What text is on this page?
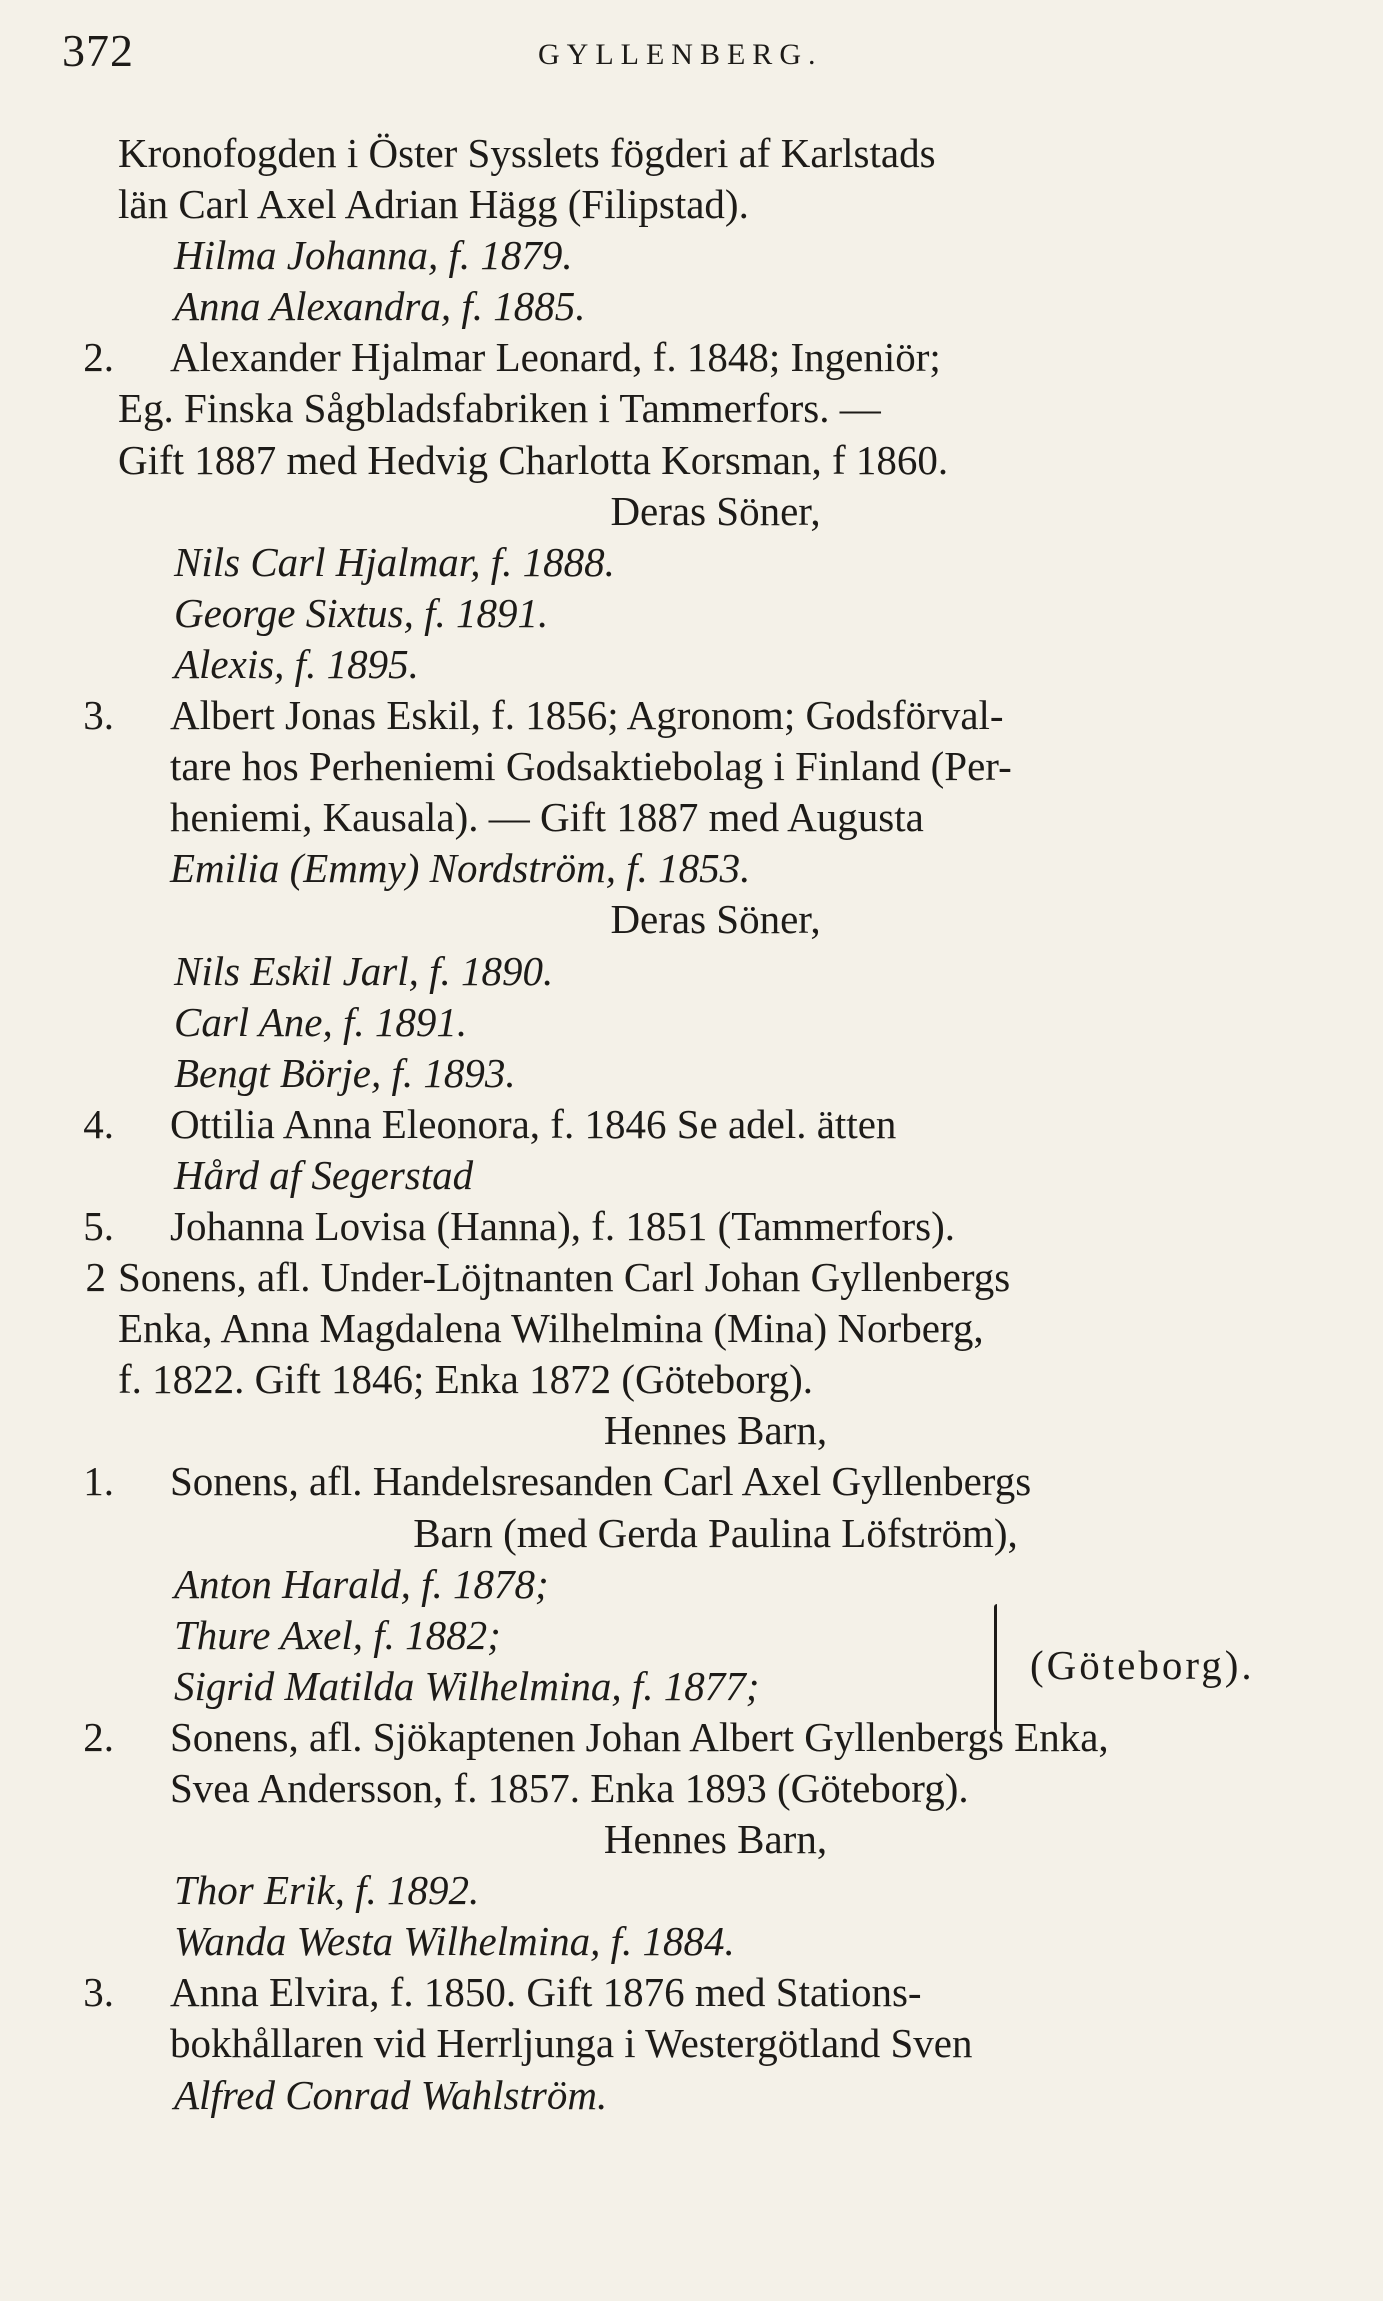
372	GYLLENBERG.
Kronofogden i Öster Sysslets fögderi af Karlstads
län Carl Axel Adrian Hägg (Filipstad).
Hilma Johanna, f. 1879.
Anna Alexandra, f. 1885.
2. Alexander Hjalmar Leonard, f. 1848; Ingeniör;
Eg. Finska Sågbladsfabriken i Tammerfors. —
Gift 1887 med Hedvig Charlotta Korsman, f 1860.
Deras Söner,
Nils Carl Hjalmar, f. 1888.
George Sixtus, f. 1891.
Alexis, f. 1895.
3. Albert Jonas Eskil, f. 1856; Agronom; Godsförval-
tare hos Perheniemi Godsaktiebolag i Finland (Per-
heniemi, Kausala). — Gift 1887 med Augusta
Emilia (Emmy) Nordström, f. 1853.
Deras Söner,
Nils Eskil Jarl, f. 1890.
Carl Ane, f. 1891.
Bengt Börje, f. 1893.
4. Ottilia Anna Eleonora, f. 1846 Se adel. ätten
Hård af Segerstad
5. Johanna Lovisa (Hanna), f. 1851 (Tammerfors).
2 Sonens, afl. Under-Löjtnanten Carl Johan Gyllenbergs
Enka, Anna Magdalena Wilhelmina (Mina) Norberg,
f. 1822. Gift 1846; Enka 1872 (Göteborg).
Hennes Barn,
1. Sonens, afl. Handelsresanden Carl Axel Gyllenbergs
Barn (med Gerda Paulina Löfström),
Anton Harald, f. 1878;
Thure Axel, f. 1882;
Sigrid Matilda Wilhelmina, f. 1877;
2. Sonens, afl. Sjökaptenen Johan Albert Gyllenbergs Enka,
Svea Andersson, f. 1857. Enka 1893 (Göteborg).
Hennes Barn,
Thor Erik, f. 1892.
Wanda Westa Wilhelmina, f. 1884.
3. Anna Elvira, f. 1850. Gift 1876 med Stations-
bokhållaren vid Herrljunga i Westergötland Sven
Alfred Conrad Wahlström.
(Göteborg).
